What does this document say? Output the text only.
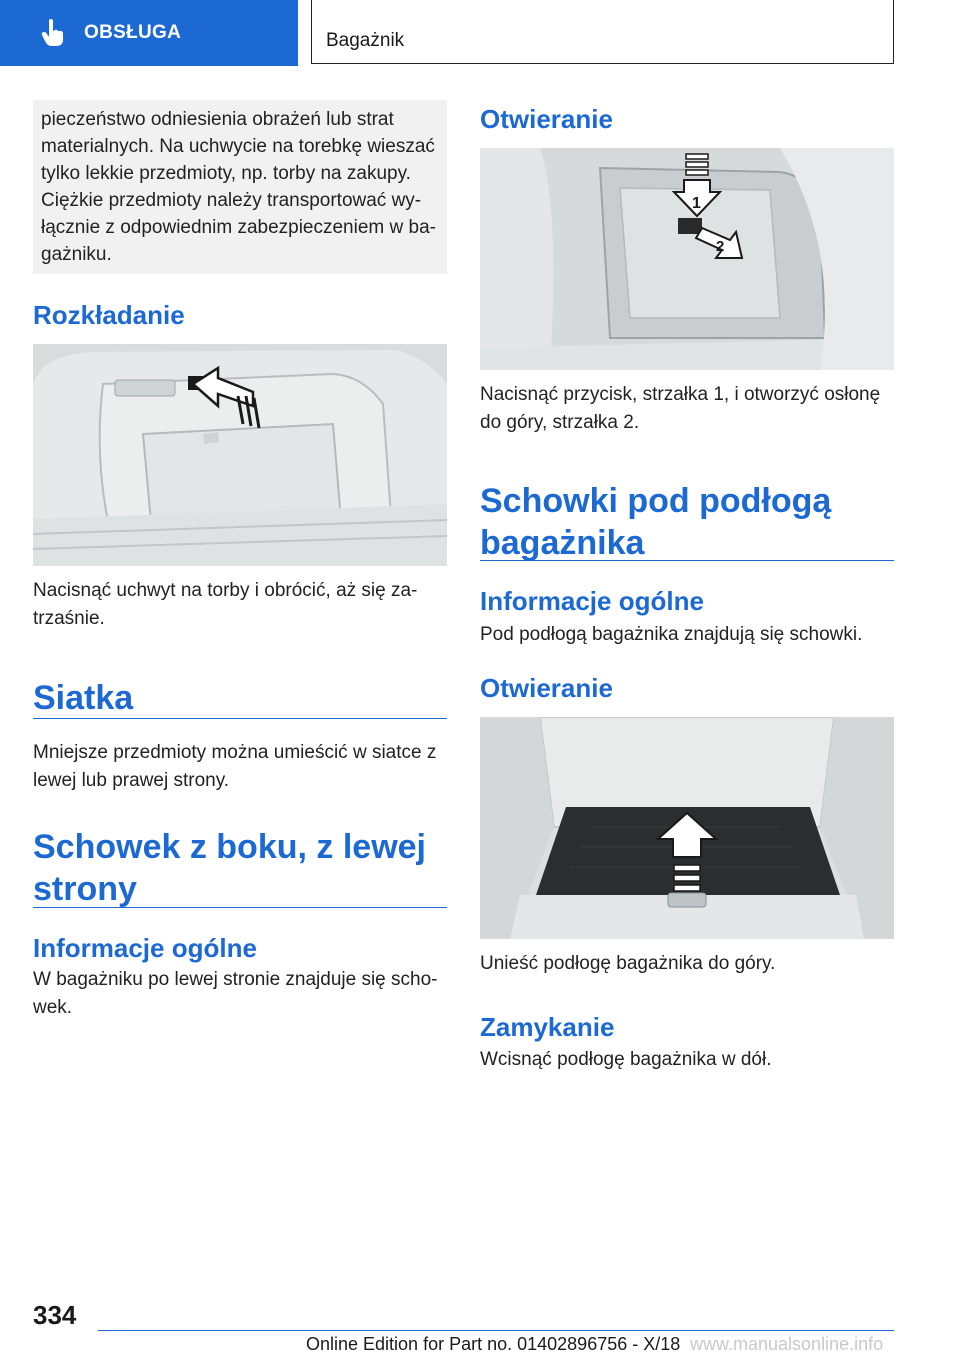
OBSŁUGA	Bagażnik
pieczeństwo odniesienia obrażeń lub strat materialnych. Na uchwycie na torebkę wieszać tylko lekkie przedmioty, np. torby na zakupy. Ciężkie przedmioty należy transportować wy-łącznie z odpowiednim zabezpieczeniem w ba-gażniku.
Rozkładanie

Nacisnąć uchwyt na torby i obrócić, aż się za-trzaśnie.

Siatka

Mniejsze przedmioty można umieścić w siatce z lewej lub prawej strony.

Schowek z boku, z lewej strony
Informacje ogólne

W bagażniku po lewej stronie znajduje się scho-wek.

Otwieranie
1
2

Nacisnąć przycisk, strzałka 1, i otworzyć osłonę do góry, strzałka 2.

Schowki pod podłogą bagażnika
Informacje ogólne

Pod podłogą bagażnika znajdują się schowki.

Otwieranie

Unieść podłogę bagażnika do góry.

Zamykanie

Wcisnąć podłogę bagażnika w dół.

334
Online Edition for Part no. 01402896756 - X/18 www.manualsonline.info
